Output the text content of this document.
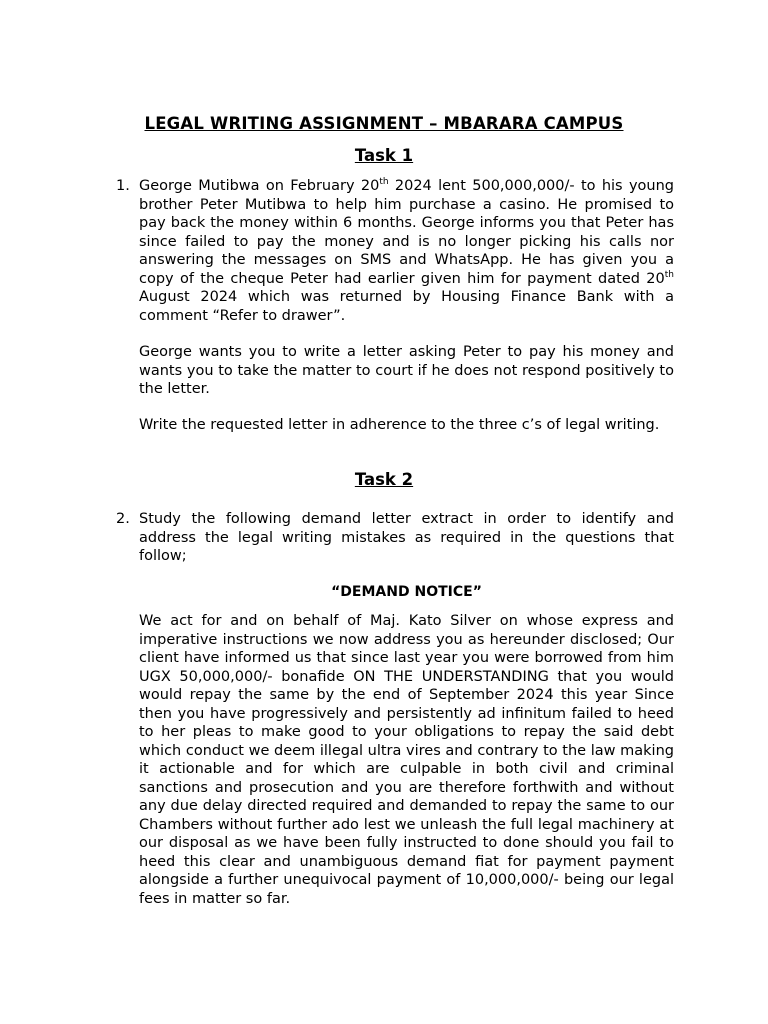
LEGAL WRITING ASSIGNMENT – MBARARA CAMPUS
Task 1
1. George Mutibwa on February 20th 2024 lent 500,000,000/- to his young brother Peter Mutibwa to help him purchase a casino. He promised to pay back the money within 6 months. George informs you that Peter has since failed to pay the money and is no longer picking his calls nor answering the messages on SMS and WhatsApp. He has given you a copy of the cheque Peter had earlier given him for payment dated 20th August 2024 which was returned by Housing Finance Bank with a comment “Refer to drawer”.
George wants you to write a letter asking Peter to pay his money and wants you to take the matter to court if he does not respond positively to the letter.
Write the requested letter in adherence to the three c’s of legal writing.
Task 2
2. Study the following demand letter extract in order to identify and address the legal writing mistakes as required in the questions that follow;
“DEMAND NOTICE”
We act for and on behalf of Maj. Kato Silver on whose express and imperative instructions we now address you as hereunder disclosed; Our client have informed us that since last year you were borrowed from him UGX 50,000,000/- bonafide ON THE UNDERSTANDING that you would would repay the same by the end of September 2024 this year Since then you have progressively and persistently ad infinitum failed to heed to her pleas to make good to your obligations to repay the said debt which conduct we deem illegal ultra vires and contrary to the law making it actionable and for which are culpable in both civil and criminal sanctions and prosecution and you are therefore forthwith and without any due delay directed required and demanded to repay the same to our Chambers without further ado lest we unleash the full legal machinery at our disposal as we have been fully instructed to done should you fail to heed this clear and unambiguous demand fiat for payment payment alongside a further unequivocal payment of 10,000,000/- being our legal fees in matter so far.
